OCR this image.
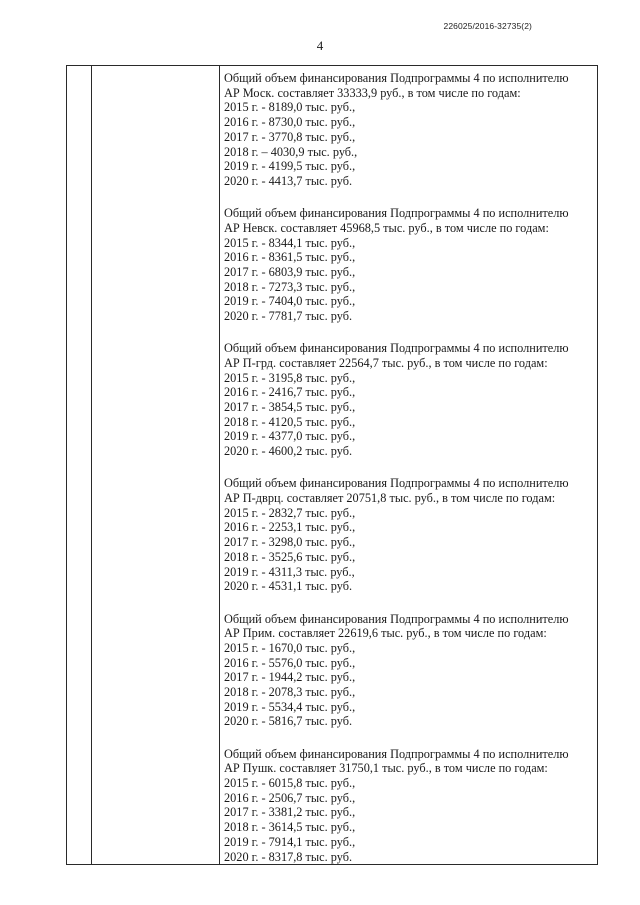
226025/2016-32735(2)
4

Общий объем финансирования Подпрограммы 4 по исполнителю

АР Моск. составляет 33333,9 руб., в том числе по годам:

2015 г. - 8189,0 тыс. руб.,

2016 г. - 8730,0 тыс. руб.,

2017 г. - 3770,8 тыс. руб.,

2018 г. – 4030,9 тыс. руб.,

2019 г. - 4199,5 тыс. руб.,

2020 г. - 4413,7 тыс. руб.

Общий объем финансирования Подпрограммы 4 по исполнителю

АР Невск. составляет 45968,5 тыс. руб., в том числе по годам:

2015 г. - 8344,1 тыс. руб.,

2016 г. - 8361,5 тыс. руб.,

2017 г. - 6803,9 тыс. руб.,

2018 г. - 7273,3 тыс. руб.,

2019 г. - 7404,0 тыс. руб.,

2020 г. - 7781,7 тыс. руб.

Общий объем финансирования Подпрограммы 4 по исполнителю

АР П-грд. составляет 22564,7 тыс. руб., в том числе по годам:

2015 г. - 3195,8 тыс. руб.,

2016 г. - 2416,7 тыс. руб.,

2017 г. - 3854,5 тыс. руб.,

2018 г. - 4120,5 тыс. руб.,

2019 г. - 4377,0 тыс. руб.,

2020 г. - 4600,2 тыс. руб.

Общий объем финансирования Подпрограммы 4 по исполнителю

АР П-дврц. составляет 20751,8 тыс. руб., в том числе по годам:

2015 г. - 2832,7 тыс. руб.,

2016 г. - 2253,1 тыс. руб.,

2017 г. - 3298,0 тыс. руб.,

2018 г. - 3525,6 тыс. руб.,

2019 г. - 4311,3 тыс. руб.,

2020 г. - 4531,1 тыс. руб.

Общий объем финансирования Подпрограммы 4 по исполнителю

АР Прим. составляет 22619,6 тыс. руб., в том числе по годам:

2015 г. - 1670,0 тыс. руб.,

2016 г. - 5576,0 тыс. руб.,

2017 г. - 1944,2 тыс. руб.,

2018 г. - 2078,3 тыс. руб.,

2019 г. - 5534,4 тыс. руб.,

2020 г. - 5816,7 тыс. руб.

Общий объем финансирования Подпрограммы 4 по исполнителю

АР Пушк. составляет 31750,1 тыс. руб., в том числе по годам:

2015 г. - 6015,8 тыс. руб.,

2016 г. - 2506,7 тыс. руб.,

2017 г. - 3381,2 тыс. руб.,

2018 г. - 3614,5 тыс. руб.,

2019 г. - 7914,1 тыс. руб.,

2020 г. - 8317,8 тыс. руб.
